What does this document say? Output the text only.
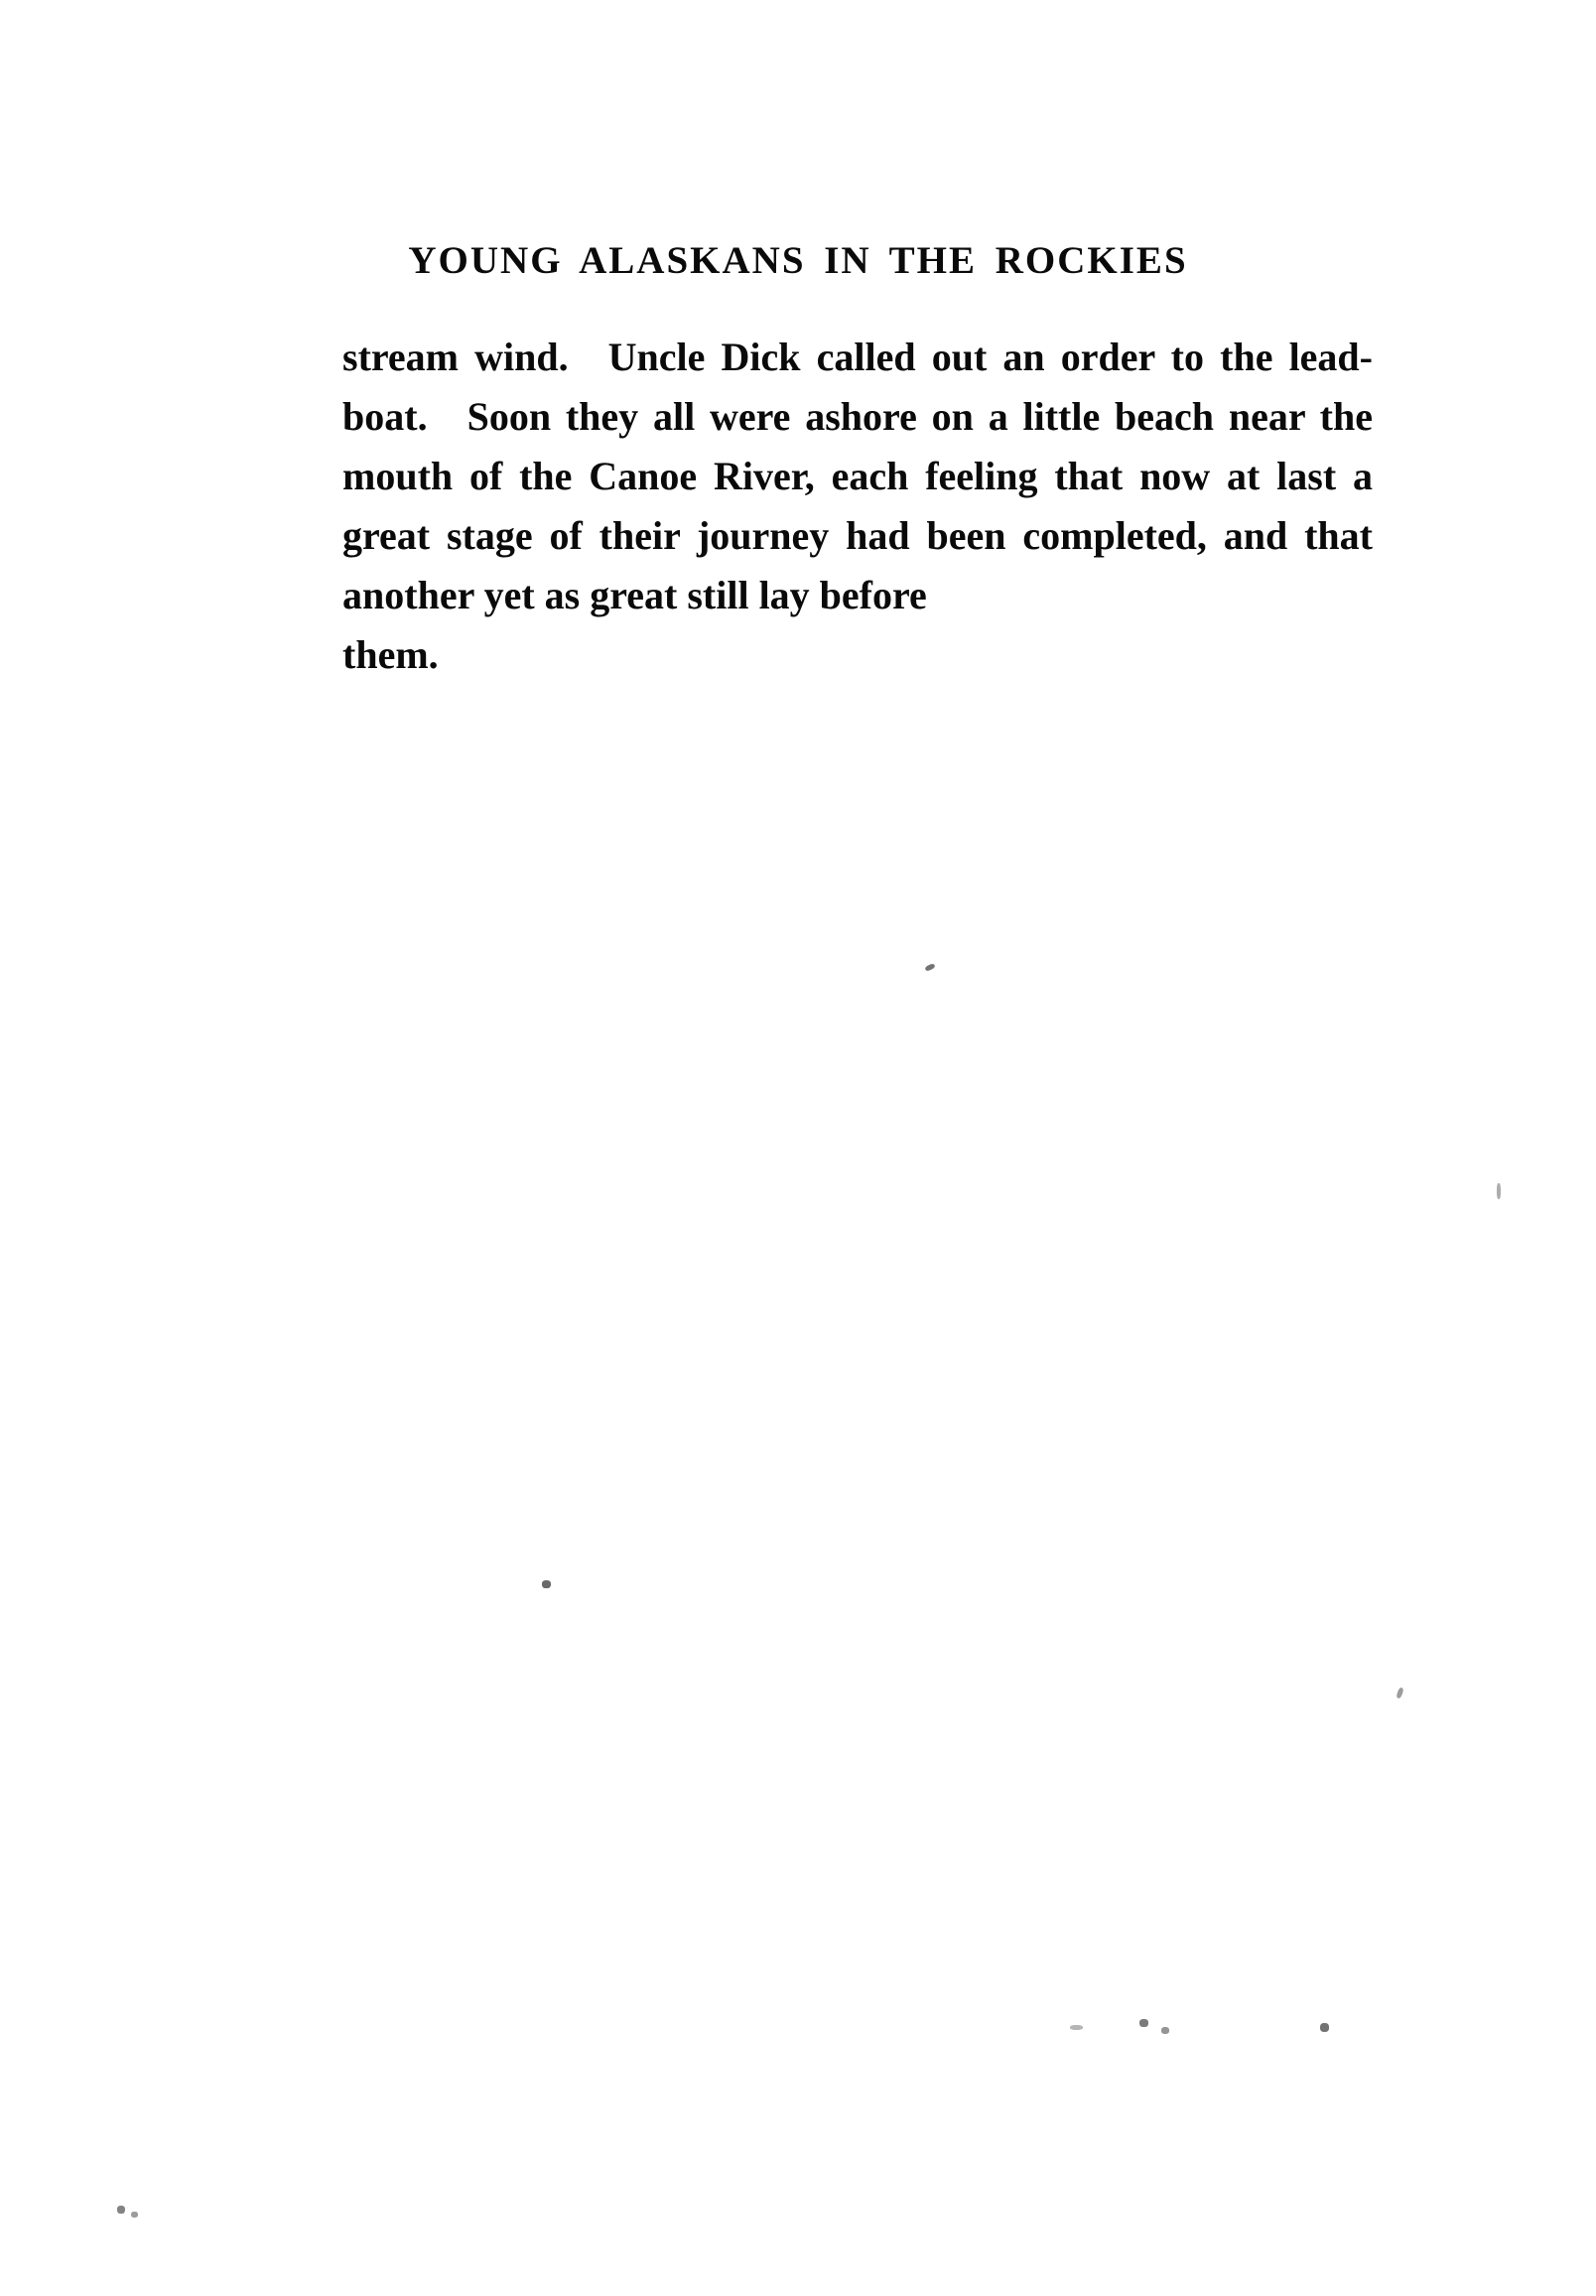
YOUNG ALASKANS IN THE ROCKIES
stream wind. Uncle Dick called out an order to the lead-boat. Soon they all were ashore on a little beach near the mouth of the Canoe River, each feeling that now at last a great stage of their journey had been completed, and that another yet as great still lay before
them.
